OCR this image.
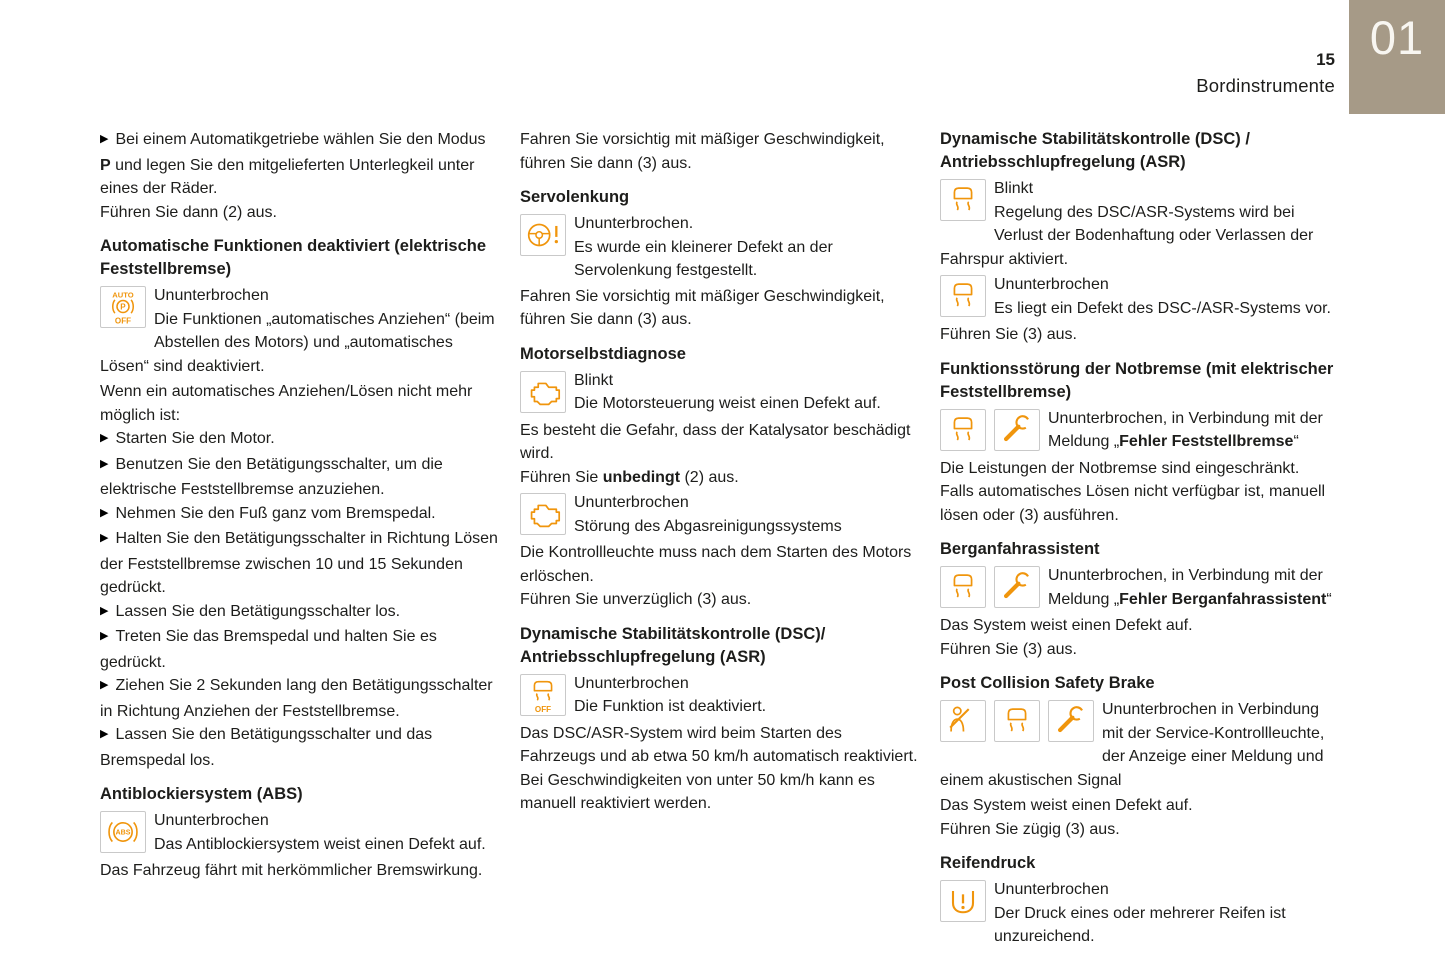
01
15
Bordinstrumente
▶ Bei einem Automatikgetriebe wählen Sie den Modus P und legen Sie den mitgelieferten Unterlegkeil unter eines der Räder.
Führen Sie dann (2) aus.
Automatische Funktionen deaktiviert (elektrische Feststellbremse)
AUTO
P
OFF
Ununterbrochen
Die Funktionen „automatisches Anziehen“ (beim Abstellen des Motors) und „automatisches Lösen“ sind deaktiviert.
Wenn ein automatisches Anziehen/Lösen nicht mehr möglich ist:
▶ Starten Sie den Motor.
▶ Benutzen Sie den Betätigungsschalter, um die elektrische Feststellbremse anzuziehen.
▶ Nehmen Sie den Fuß ganz vom Bremspedal.
▶ Halten Sie den Betätigungsschalter in Richtung Lösen der Feststellbremse zwischen 10 und 15 Sekunden gedrückt.
▶ Lassen Sie den Betätigungsschalter los.
▶ Treten Sie das Bremspedal und halten Sie es gedrückt.
▶ Ziehen Sie 2 Sekunden lang den Betätigungsschalter in Richtung Anziehen der Feststellbremse.
▶ Lassen Sie den Betätigungsschalter und das Bremspedal los.
Antiblockiersystem (ABS)
ABS
Ununterbrochen
Das Antiblockiersystem weist einen Defekt auf.
Das Fahrzeug fährt mit herkömmlicher Bremswirkung.
Fahren Sie vorsichtig mit mäßiger Geschwindigkeit, führen Sie dann (3) aus.
Servolenkung
Ununterbrochen.
Es wurde ein kleinerer Defekt an der Servolenkung festgestellt.
Fahren Sie vorsichtig mit mäßiger Geschwindigkeit, führen Sie dann (3) aus.
Motorselbstdiagnose
Blinkt
Die Motorsteuerung weist einen Defekt auf.
Es besteht die Gefahr, dass der Katalysator beschädigt wird.
Führen Sie unbedingt (2) aus.
Ununterbrochen
Störung des Abgasreinigungssystems
Die Kontrollleuchte muss nach dem Starten des Motors erlöschen.
Führen Sie unverzüglich (3) aus.
Dynamische Stabilitätskontrolle (DSC)/ Antriebsschlupfregelung (ASR)
OFF
Ununterbrochen
Die Funktion ist deaktiviert.
Das DSC/ASR-System wird beim Starten des Fahrzeugs und ab etwa 50 km/h automatisch reaktiviert.
Bei Geschwindigkeiten von unter 50 km/h kann es manuell reaktiviert werden.
Dynamische Stabilitätskontrolle (DSC) / Antriebsschlupfregelung (ASR)
Blinkt
Regelung des DSC/ASR-Systems wird bei Verlust der Bodenhaftung oder Verlassen der Fahrspur aktiviert.
Ununterbrochen
Es liegt ein Defekt des DSC-/ASR-Systems vor.
Führen Sie (3) aus.
Funktionsstörung der Notbremse (mit elektrischer Feststellbremse)
Ununterbrochen, in Verbindung mit der Meldung „Fehler Feststellbremse“
Die Leistungen der Notbremse sind eingeschränkt.
Falls automatisches Lösen nicht verfügbar ist, manuell lösen oder (3) ausführen.
Berganfahrassistent
Ununterbrochen, in Verbindung mit der Meldung „Fehler Berganfahrassistent“
Das System weist einen Defekt auf.
Führen Sie (3) aus.
Post Collision Safety Brake
Ununterbrochen in Verbindung mit der Service-Kontrollleuchte, der Anzeige einer Meldung und einem akustischen Signal
Das System weist einen Defekt auf.
Führen Sie zügig (3) aus.
Reifendruck
Ununterbrochen
Der Druck eines oder mehrerer Reifen ist unzureichend.
